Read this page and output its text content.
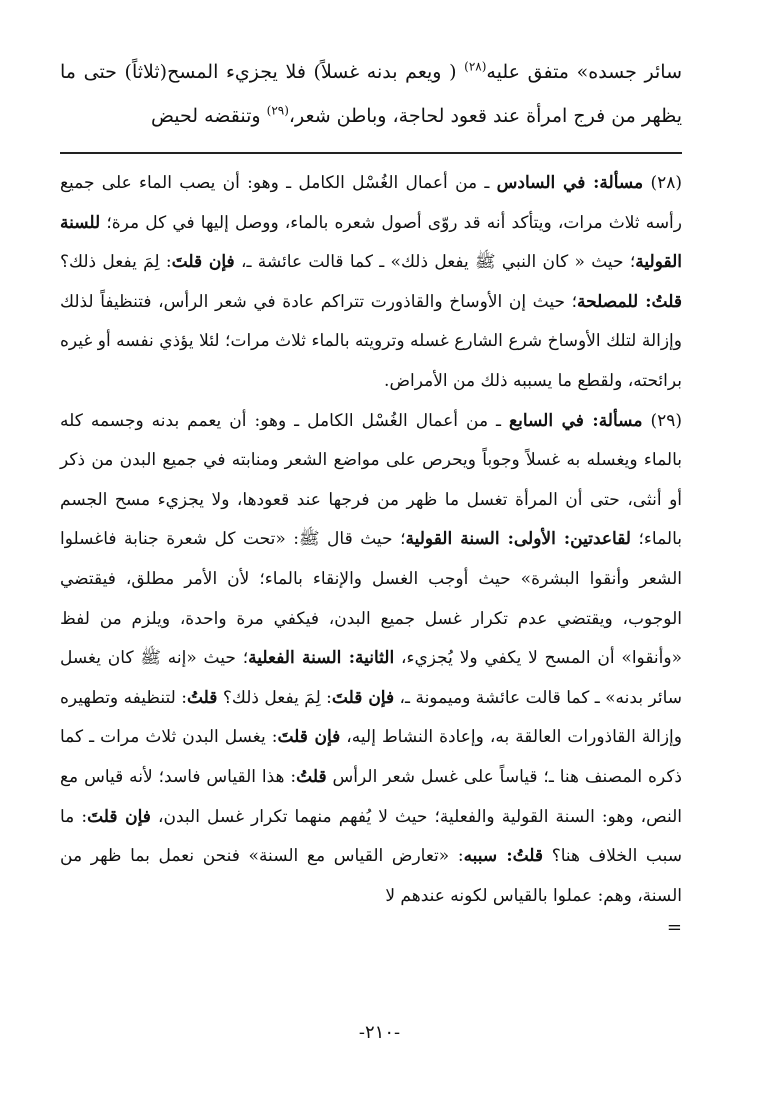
سائر جسده» متفق عليه$^{(٢٨)}$ ( ويعم بدنه غسلاً) فلا يجزيء المسح(ثلاثاً) حتى ما يظهر من فرج امرأة عند قعود لحاجة، وباطن شعر،$^{(٢٩)}$ وتنقضه لحيض

(٢٨) مسألة: في السادس ـ من أعمال الغُسْل الكامل ـ وهو: أن يصب الماء على جميع رأسه ثلاث مرات، ويتأكد أنه قد روّى أصول شعره بالماء، ووصل إليها في كل مرة؛ للسنة القولية؛ حيث « كان النبي ﷺ يفعل ذلك» ـ كما قالت عائشة ـ، فإن قلتَ: لِمَ يفعل ذلك؟ قلتُ: للمصلحة؛ حيث إن الأوساخ والقاذورت تتراكم عادة في شعر الرأس، فتنظيفاً لذلك وإزالة لتلك الأوساخ شرع الشارع غسله وترويته بالماء ثلاث مرات؛ لئلا يؤذي نفسه أو غيره برائحته، ولقطع ما يسببه ذلك من الأمراض.

(٢٩) مسألة: في السابع ـ من أعمال الغُسْل الكامل ـ وهو: أن يعمم بدنه وجسمه كله بالماء ويغسله به غسلاً وجوباً ويحرص على مواضع الشعر ومنابته في جميع البدن من ذكر أو أنثى، حتى أن المرأة تغسل ما ظهر من فرجها عند قعودها، ولا يجزيء مسح الجسم بالماء؛ لقاعدتين: الأولى: السنة القولية؛ حيث قال ﷺ: «تحت كل شعرة جنابة فاغسلوا الشعر وأنقوا البشرة» حيث أوجب الغسل والإنقاء بالماء؛ لأن الأمر مطلق، فيقتضي الوجوب، ويقتضي عدم تكرار غسل جميع البدن، فيكفي مرة واحدة، ويلزم من لفظ «وأنقوا» أن المسح لا يكفي ولا يُجزيء، الثانية: السنة الفعلية؛ حيث «إنه ﷺ كان يغسل سائر بدنه» ـ كما قالت عائشة وميمونة ـ، فإن قلتَ: لِمَ يفعل ذلك؟ قلتُ: لتنظيفه وتطهيره وإزالة القاذورات العالقة به، وإعادة النشاط إليه، فإن قلتَ: يغسل البدن ثلاث مرات ـ كما ذكره المصنف هنا ـ؛ قياساً على غسل شعر الرأس قلتُ: هذا القياس فاسد؛ لأنه قياس مع النص، وهو: السنة القولية والفعلية؛ حيث لا يُفهم منهما تكرار غسل البدن، فإن قلتَ: ما سبب الخلاف هنا؟ قلتُ: سببه: «تعارض القياس مع السنة» فنحن نعمل بما ظهر من السنة، وهم: عملوا بالقياس لكونه عندهم لا

=
-٢١٠-
